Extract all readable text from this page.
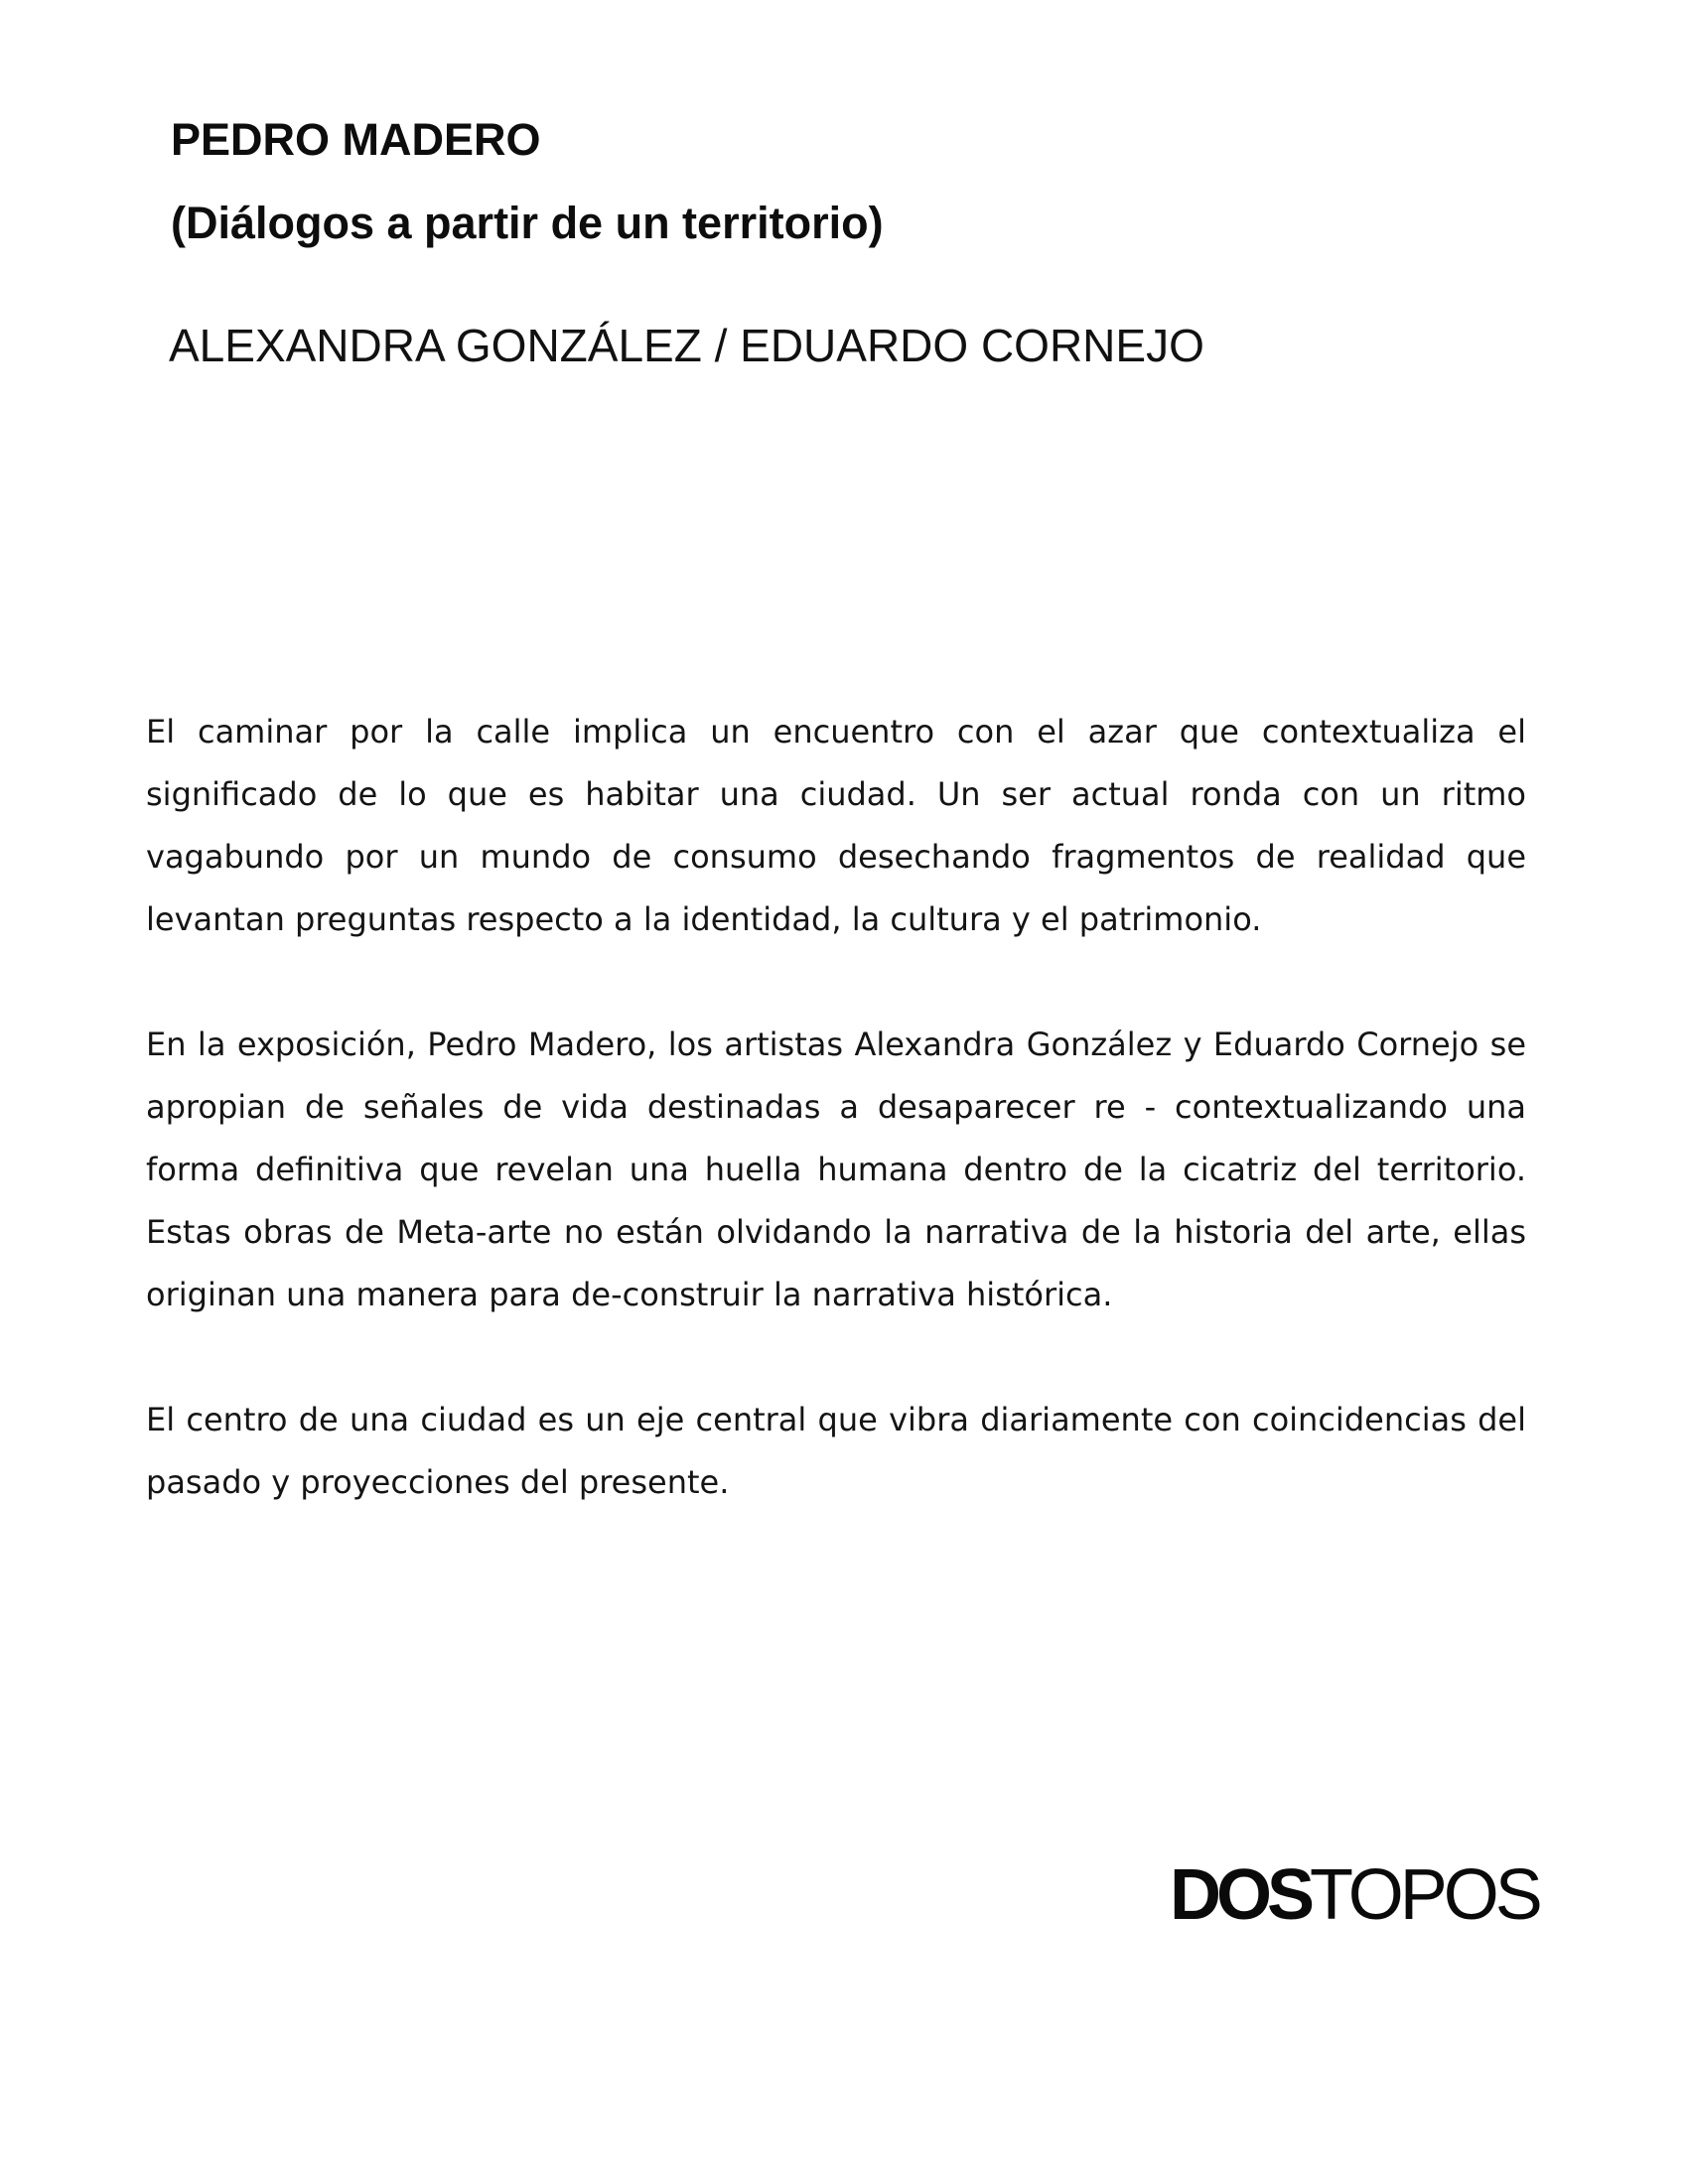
PEDRO MADERO
(Diálogos a partir de un territorio)
ALEXANDRA GONZÁLEZ / EDUARDO CORNEJO

El caminar por la calle implica un encuentro con el azar que contextualiza el significado de lo que es habitar una ciudad. Un ser actual ronda con un ritmo vagabundo por un mundo de consumo desechando fragmentos de realidad que levantan preguntas respecto a la identidad, la cultura y el patrimonio.

En la exposición, Pedro Madero, los artistas Alexandra González y Eduardo Cornejo se apropian de señales de vida destinadas a desaparecer re - contextualizando una forma definitiva que revelan una huella humana dentro de la cicatriz del territorio. Estas obras de Meta-arte no están olvidando la narrativa de la historia del arte, ellas originan una manera para de-construir la narrativa histórica.

El centro de una ciudad es un eje central que vibra diariamente con coincidencias del pasado y proyecciones del presente.

DOSTOPOS
